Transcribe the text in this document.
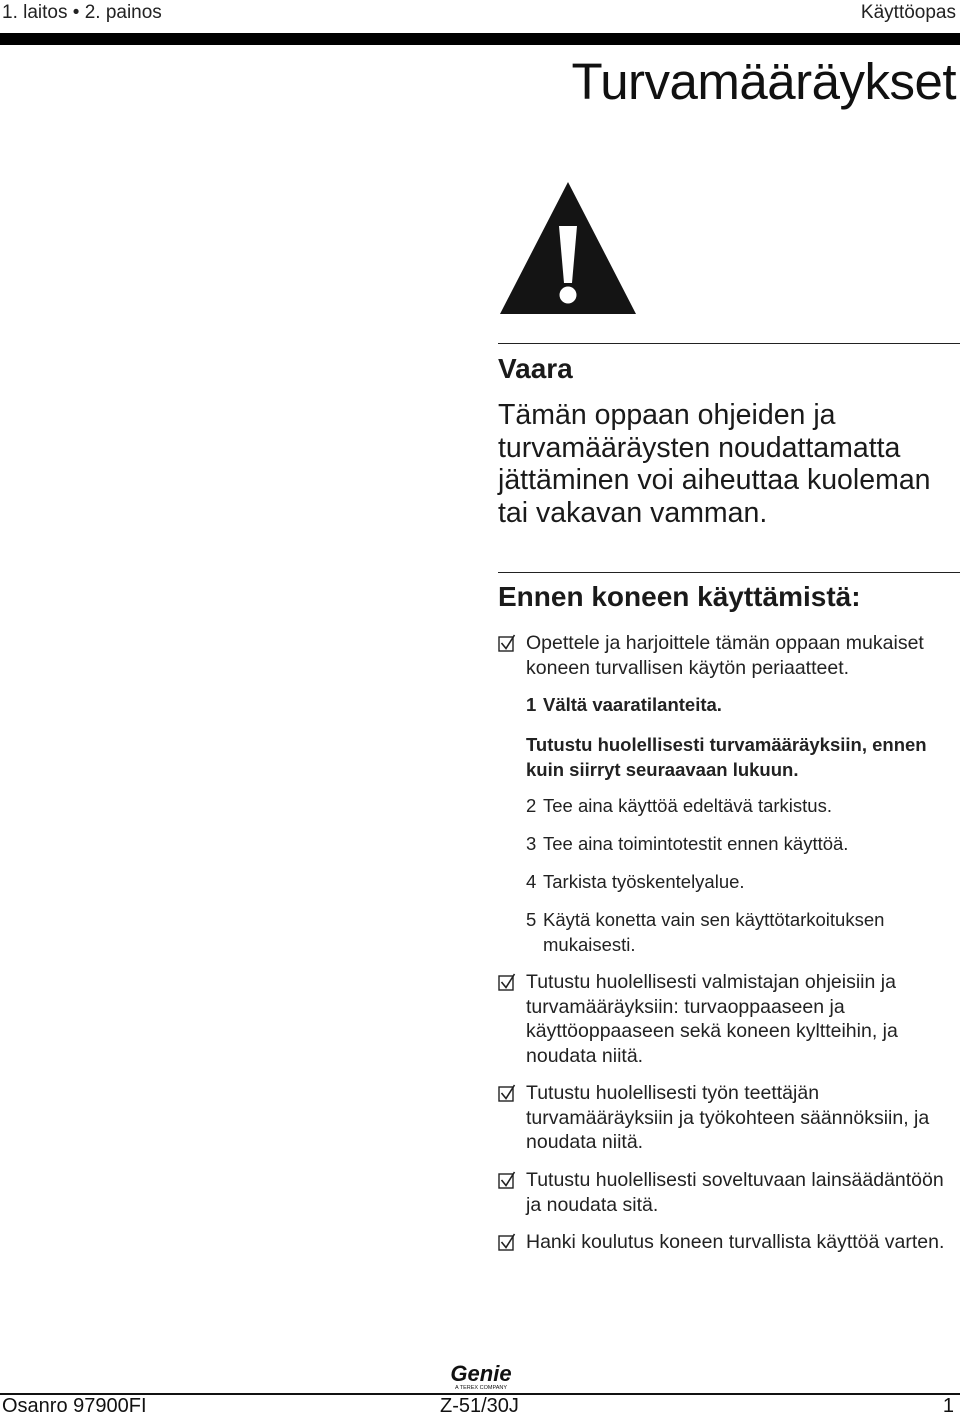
1. laitos • 2. painos	Käyttöopas
Turvamääräykset
Vaara
Tämän oppaan ohjeiden ja turvamääräysten noudattamatta jättäminen voi aiheuttaa kuoleman tai vakavan vamman.
Ennen koneen käyttämistä:
Opettele ja harjoittele tämän oppaan mukaiset koneen turvallisen käytön periaatteet.
1 Vältä vaaratilanteita.
Tutustu huolellisesti turvamääräyksiin, ennen kuin siirryt seuraavaan lukuun.
2 Tee aina käyttöä edeltävä tarkistus.
3 Tee aina toimintotestit ennen käyttöä.
4 Tarkista työskentelyalue.
5 Käytä konetta vain sen käyttötarkoituksen mukaisesti.
Tutustu huolellisesti valmistajan ohjeisiin ja turvamääräyksiin: turvaoppaaseen ja käyttöoppaaseen sekä koneen kyltteihin, ja noudata niitä.
Tutustu huolellisesti työn teettäjän turvamääräyksiin ja työkohteen säännöksiin, ja noudata niitä.
Tutustu huolellisesti soveltuvaan lainsäädäntöön ja noudata sitä.
Hanki koulutus koneen turvallista käyttöä varten.
Genie
A TEREX COMPANY
Osanro 97900FI	Z-51/30J	1
